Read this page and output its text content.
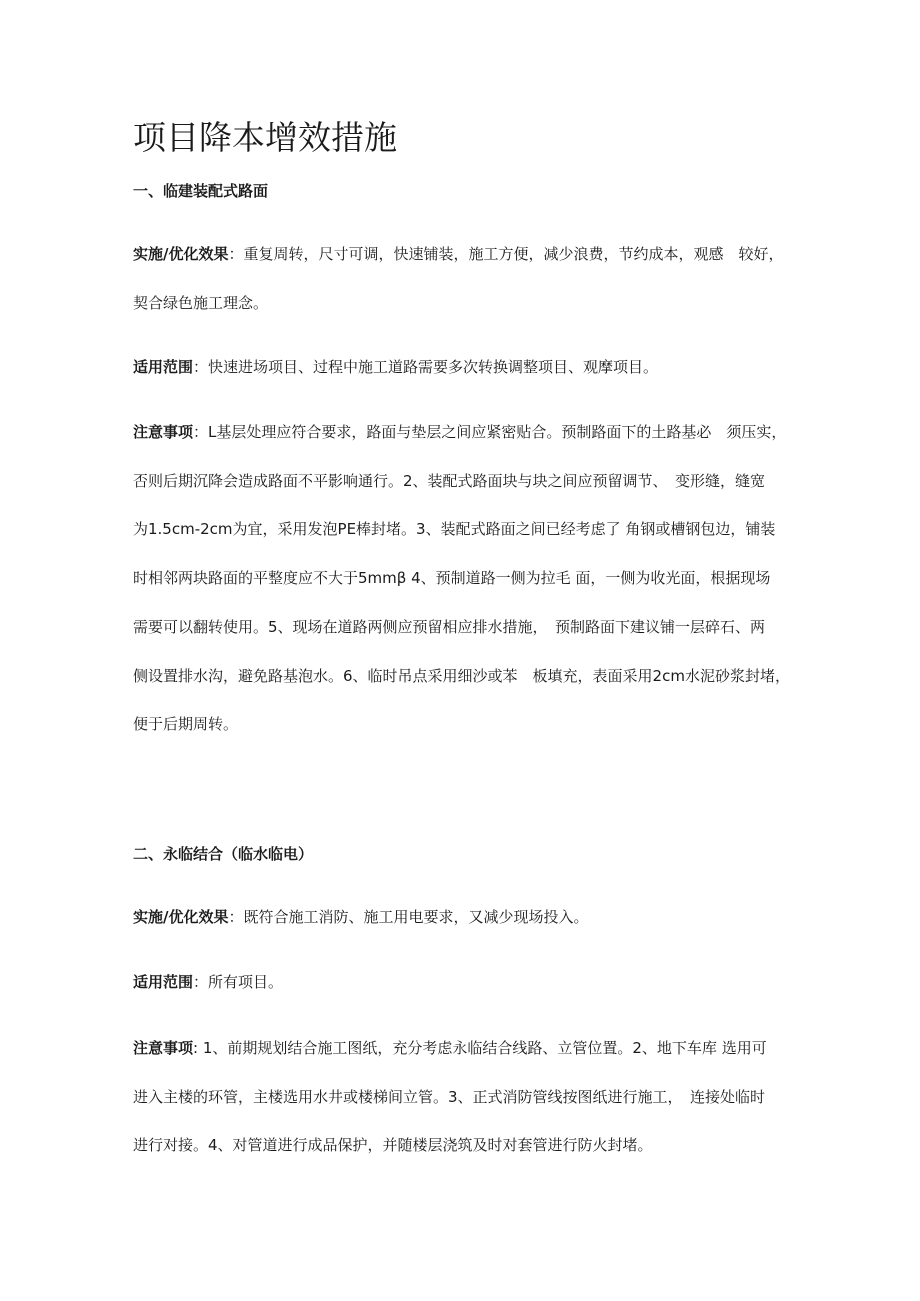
项目降本增效措施
一、临建装配式路面

实施/优化效果：重复周转，尺寸可调，快速铺装，施工方便，减少浪费，节约成本，观感　较好，
契合绿色施工理念。

适用范围：快速进场项目、过程中施工道路需要多次转换调整项目、观摩项目。

注意事项：L基层处理应符合要求，路面与垫层之间应紧密贴合。预制路面下的土路基必　须压实，
否则后期沉降会造成路面不平影响通行。2、装配式路面块与块之间应预留调节、　变形缝，缝宽
为1.5cm-2cm为宜，采用发泡PE棒封堵。3、装配式路面之间已经考虑了 角钢或槽钢包边，铺装
时相邻两块路面的平整度应不大于5mmβ 4、预制道路一侧为拉毛 面，一侧为收光面，根据现场
需要可以翻转使用。5、现场在道路两侧应预留相应排水措施，　预制路面下建议铺一层碎石、两
侧设置排水沟，避免路基泡水。6、临时吊点采用细沙或苯　板填充，表面采用2cm水泥砂浆封堵，
便于后期周转。

二、永临结合（临水临电）

实施/优化效果：既符合施工消防、施工用电要求，又减少现场投入。

适用范围：所有项目。

注意事项: 1、前期规划结合施工图纸，充分考虑永临结合线路、立管位置。2、地下车库 选用可
进入主楼的环管，主楼选用水井或楼梯间立管。3、正式消防管线按图纸进行施工，　连接处临时
进行对接。4、对管道进行成品保护，并随楼层浇筑及时对套管进行防火封堵。
